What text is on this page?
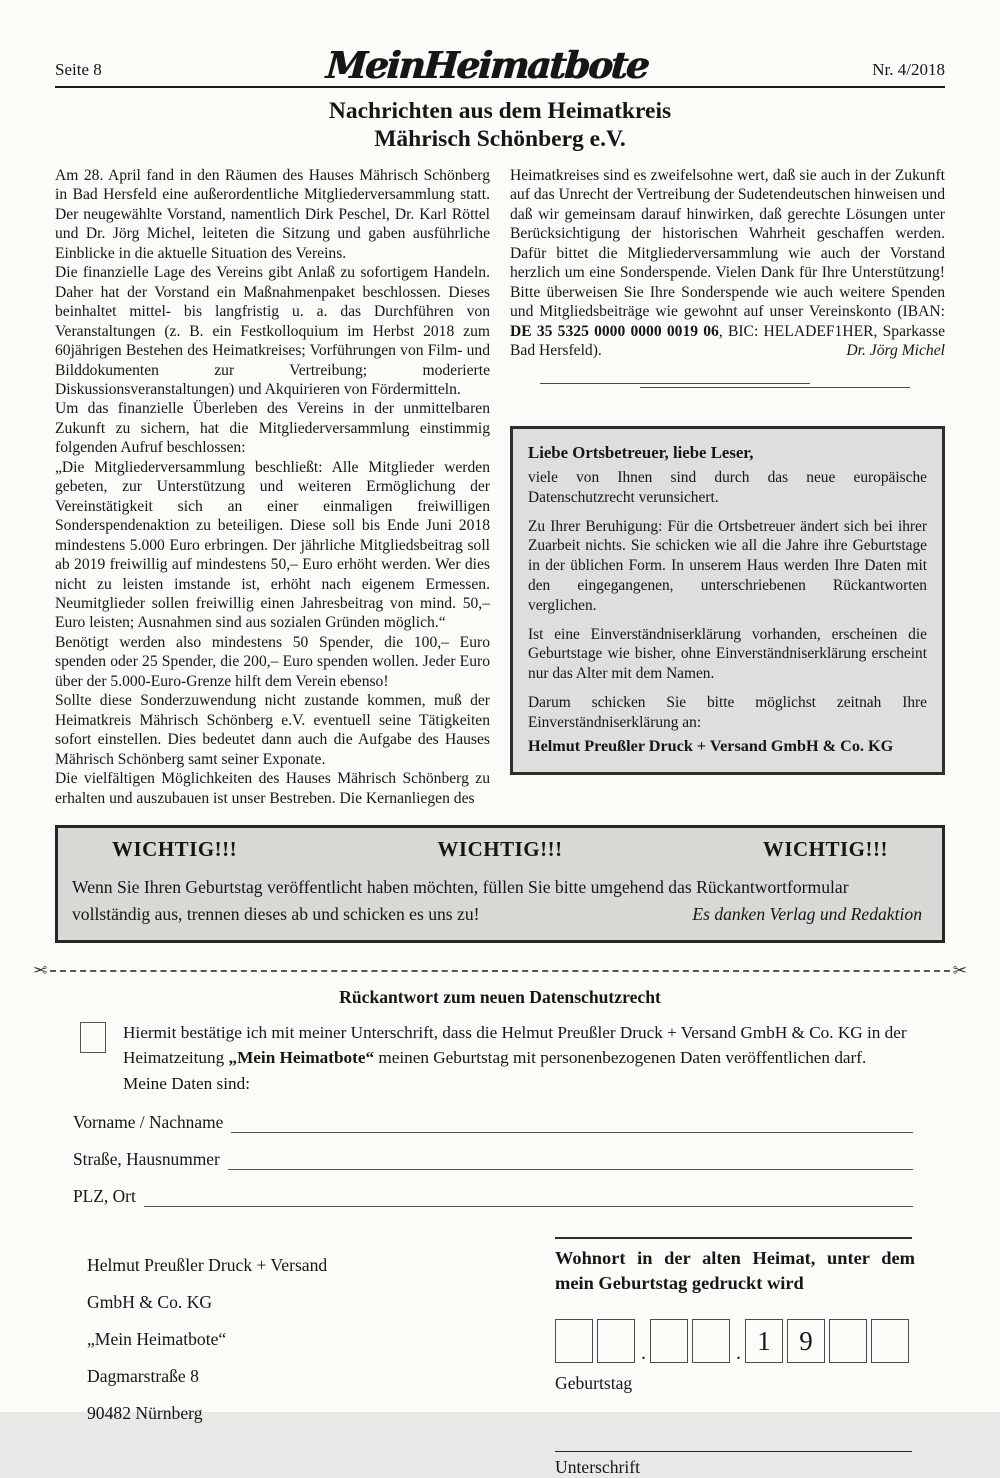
Seite 8	MeinHeimatbote	Nr. 4/2018
Nachrichten aus dem Heimatkreis
Mährisch Schönberg e.V.

Am 28. April fand in den Räumen des Hauses Mährisch Schönberg in Bad Hersfeld eine außerordentliche Mitgliederversammlung statt. Der neugewählte Vorstand, namentlich Dirk Peschel, Dr. Karl Röttel und Dr. Jörg Michel, leiteten die Sitzung und gaben ausführliche Einblicke in die aktuelle Situation des Vereins.

Die finanzielle Lage des Vereins gibt Anlaß zu sofortigem Handeln. Daher hat der Vorstand ein Maßnahmenpaket beschlossen. Dieses beinhaltet mittel- bis langfristig u. a. das Durchführen von Veranstaltungen (z. B. ein Festkolloquium im Herbst 2018 zum 60jährigen Bestehen des Heimatkreises; Vorführungen von Film- und Bilddokumenten zur Vertreibung; moderierte Diskussionsveranstaltungen) und Akquirieren von Fördermitteln.

Um das finanzielle Überleben des Vereins in der unmittelbaren Zukunft zu sichern, hat die Mitgliederversammlung einstimmig folgenden Aufruf beschlossen:

„Die Mitgliederversammlung beschließt: Alle Mitglieder werden gebeten, zur Unterstützung und weiteren Ermöglichung der Vereinstätigkeit sich an einer einmaligen freiwilligen Sonderspendenaktion zu beteiligen. Diese soll bis Ende Juni 2018 mindestens 5.000 Euro erbringen. Der jährliche Mitgliedsbeitrag soll ab 2019 freiwillig auf mindestens 50,– Euro erhöht werden. Wer dies nicht zu leisten imstande ist, erhöht nach eigenem Ermessen. Neumitglieder sollen freiwillig einen Jahresbeitrag von mind. 50,– Euro leisten; Ausnahmen sind aus sozialen Gründen möglich.“

Benötigt werden also mindestens 50 Spender, die 100,– Euro spenden oder 25 Spender, die 200,– Euro spenden wollen. Jeder Euro über der 5.000-Euro-Grenze hilft dem Verein ebenso!

Sollte diese Sonderzuwendung nicht zustande kommen, muß der Heimatkreis Mährisch Schönberg e.V. eventuell seine Tätigkeiten sofort einstellen. Dies bedeutet dann auch die Aufgabe des Hauses Mährisch Schönberg samt seiner Exponate.

Die vielfältigen Möglichkeiten des Hauses Mährisch Schönberg zu erhalten und auszubauen ist unser Bestreben. Die Kernanliegen des

Heimatkreises sind es zweifelsohne wert, daß sie auch in der Zukunft auf das Unrecht der Vertreibung der Sudetendeutschen hinweisen und daß wir gemeinsam darauf hinwirken, daß gerechte Lösungen unter Berücksichtigung der historischen Wahrheit geschaffen werden. Dafür bittet die Mitgliederversammlung wie auch der Vorstand herzlich um eine Sonderspende. Vielen Dank für Ihre Unterstützung! Bitte überweisen Sie Ihre Sonderspende wie auch weitere Spenden und Mitgliedsbeiträge wie gewohnt auf unser Vereinskonto (IBAN: DE 35 5325 0000 0000 0019 06, BIC: HELADEF1HER, Sparkasse Bad Hersfeld).	Dr. Jörg Michel

Liebe Ortsbetreuer, liebe Leser,

viele von Ihnen sind durch das neue europäische Datenschutzrecht verunsichert.

Zu Ihrer Beruhigung: Für die Ortsbetreuer ändert sich bei ihrer Zuarbeit nichts. Sie schicken wie all die Jahre ihre Geburtstage in der üblichen Form. In unserem Haus werden Ihre Daten mit den eingegangenen, unterschriebenen Rückantworten verglichen.

Ist eine Einverständniserklärung vorhanden, erscheinen die Geburtstage wie bisher, ohne Einverständniserklärung erscheint nur das Alter mit dem Namen.

Darum schicken Sie bitte möglichst zeitnah Ihre Einverständniserklärung an:

Helmut Preußler Druck + Versand GmbH & Co. KG
WICHTIG!!!	WICHTIG!!!	WICHTIG!!!
Wenn Sie Ihren Geburtstag veröffentlicht haben möchten, füllen Sie bitte umgehend das Rückantwortformular vollständig aus, trennen dieses ab und schicken es uns zu!	Es danken Verlag und Redaktion
✂	✂
Rückantwort zum neuen Datenschutzrecht

Hiermit bestätige ich mit meiner Unterschrift, dass die Helmut Preußler Druck + Versand GmbH & Co. KG in der Heimatzeitung „Mein Heimatbote“ meinen Geburtstag mit personenbezogenen Daten veröffentlichen darf. Meine Daten sind:

Vorname / Nachname
Straße, Hausnummer
PLZ, Ort
Helmut Preußler Druck + Versand
GmbH & Co. KG
„Mein Heimatbote“
Dagmarstraße 8
90482 Nürnberg
Wohnort in der alten Heimat, unter dem mein Geburtstag gedruckt wird
.	. 1	9
Geburtstag
Unterschrift
